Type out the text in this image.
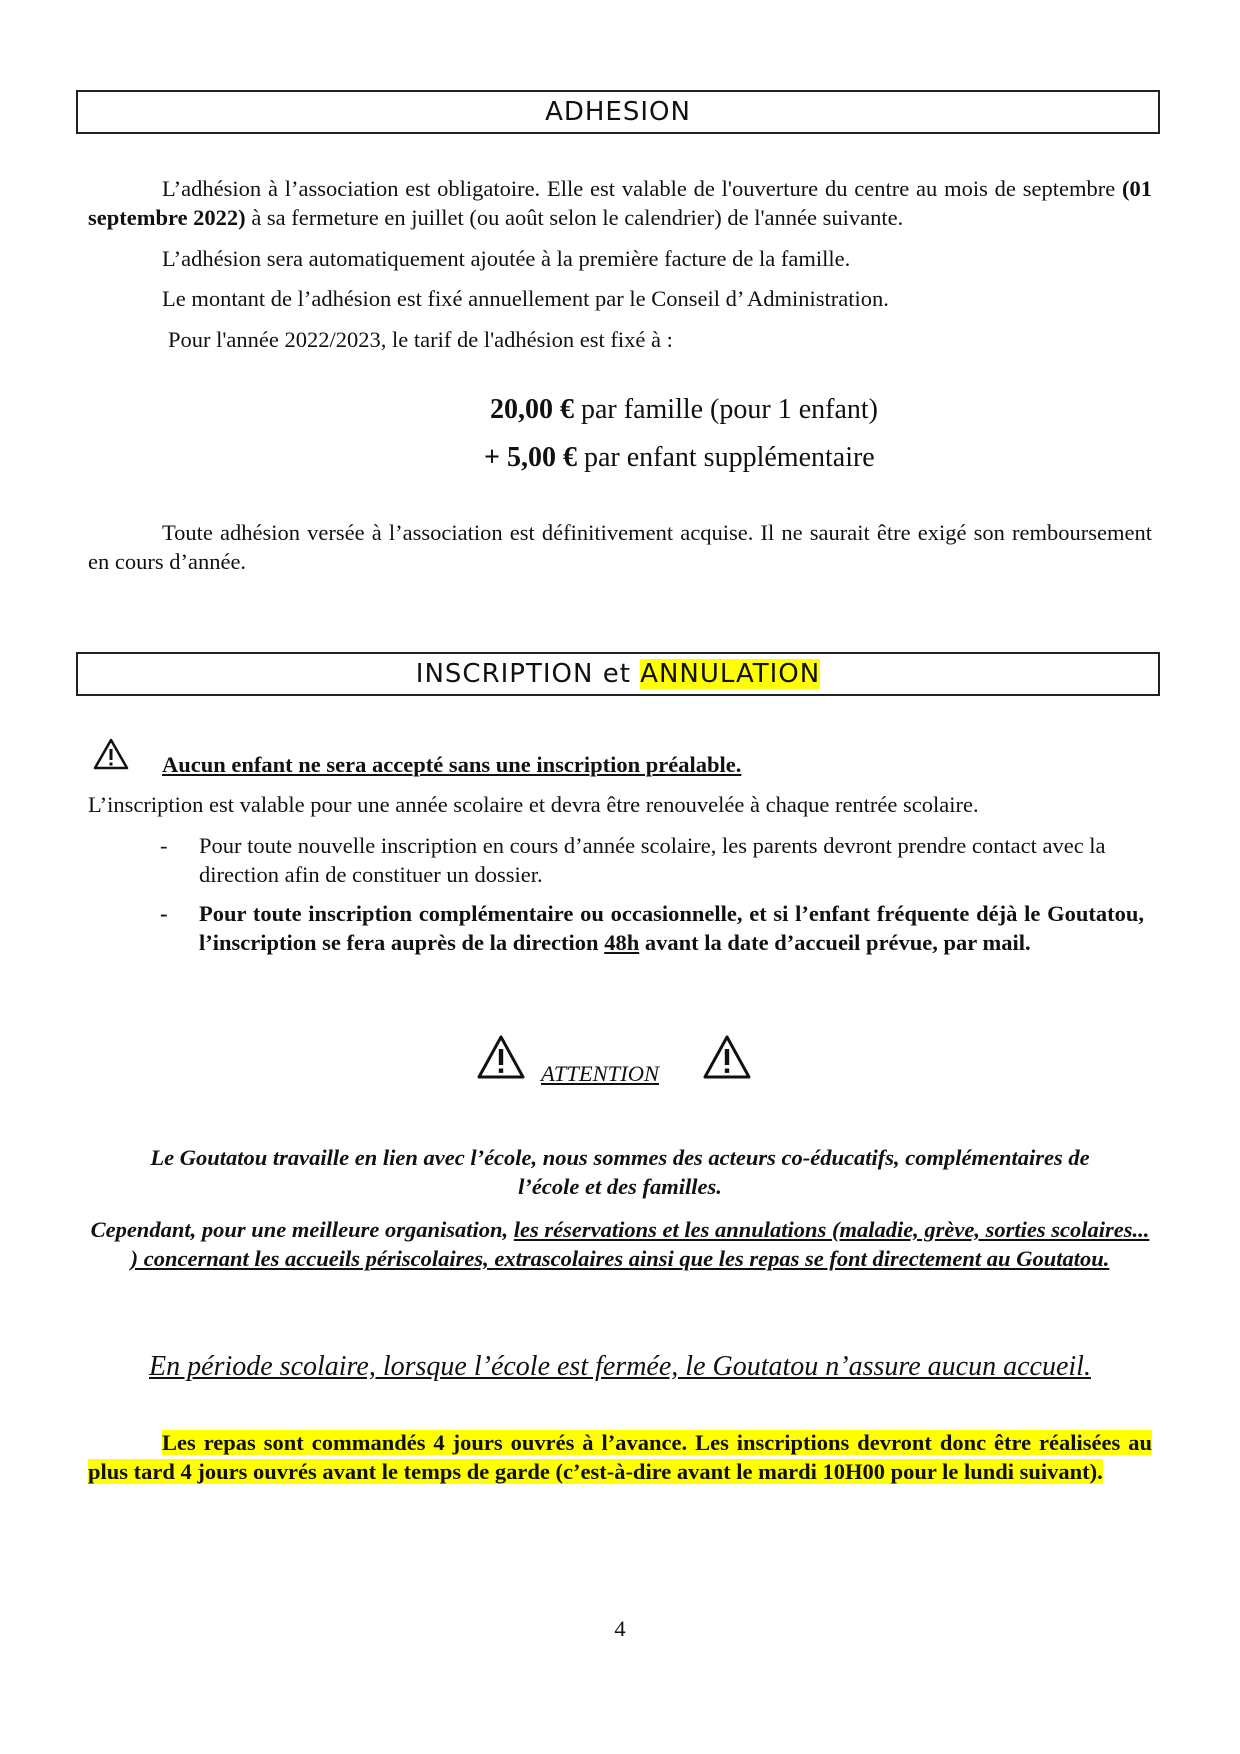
ADHESION
L’adhésion à l’association est obligatoire. Elle est valable de l'ouverture du centre au mois de septembre (01 septembre 2022) à sa fermeture en juillet (ou août selon le calendrier) de l'année suivante.
L’adhésion sera automatiquement ajoutée à la première facture de la famille.
Le montant de l’adhésion est fixé annuellement par le Conseil d’ Administration.
Pour l'année 2022/2023, le tarif de l'adhésion est fixé à :
20,00 € par famille (pour 1 enfant)
+ 5,00 € par enfant supplémentaire
Toute adhésion versée à l’association est définitivement acquise. Il ne saurait être exigé son remboursement en cours d’année.
INSCRIPTION et ANNULATION
Aucun enfant ne sera accepté sans une inscription préalable.
L’inscription est valable pour une année scolaire et devra être renouvelée à chaque rentrée scolaire.
- Pour toute nouvelle inscription en cours d’année scolaire, les parents devront prendre contact avec la direction afin de constituer un dossier.
- Pour toute inscription complémentaire ou occasionnelle, et si l’enfant fréquente déjà le Goutatou, l’inscription se fera auprès de la direction 48h avant la date d’accueil prévue, par mail.
ATTENTION
Le Goutatou travaille en lien avec l’école, nous sommes des acteurs co-éducatifs, complémentaires de l’école et des familles.
Cependant, pour une meilleure organisation, les réservations et les annulations (maladie, grève, sorties scolaires... ) concernant les accueils périscolaires, extrascolaires ainsi que les repas se font directement au Goutatou.
En période scolaire, lorsque l’école est fermée, le Goutatou n’assure aucun accueil.
Les repas sont commandés 4 jours ouvrés à l’avance. Les inscriptions devront donc être réalisées au plus tard 4 jours ouvrés avant le temps de garde (c’est-à-dire avant le mardi 10H00 pour le lundi suivant).
4
